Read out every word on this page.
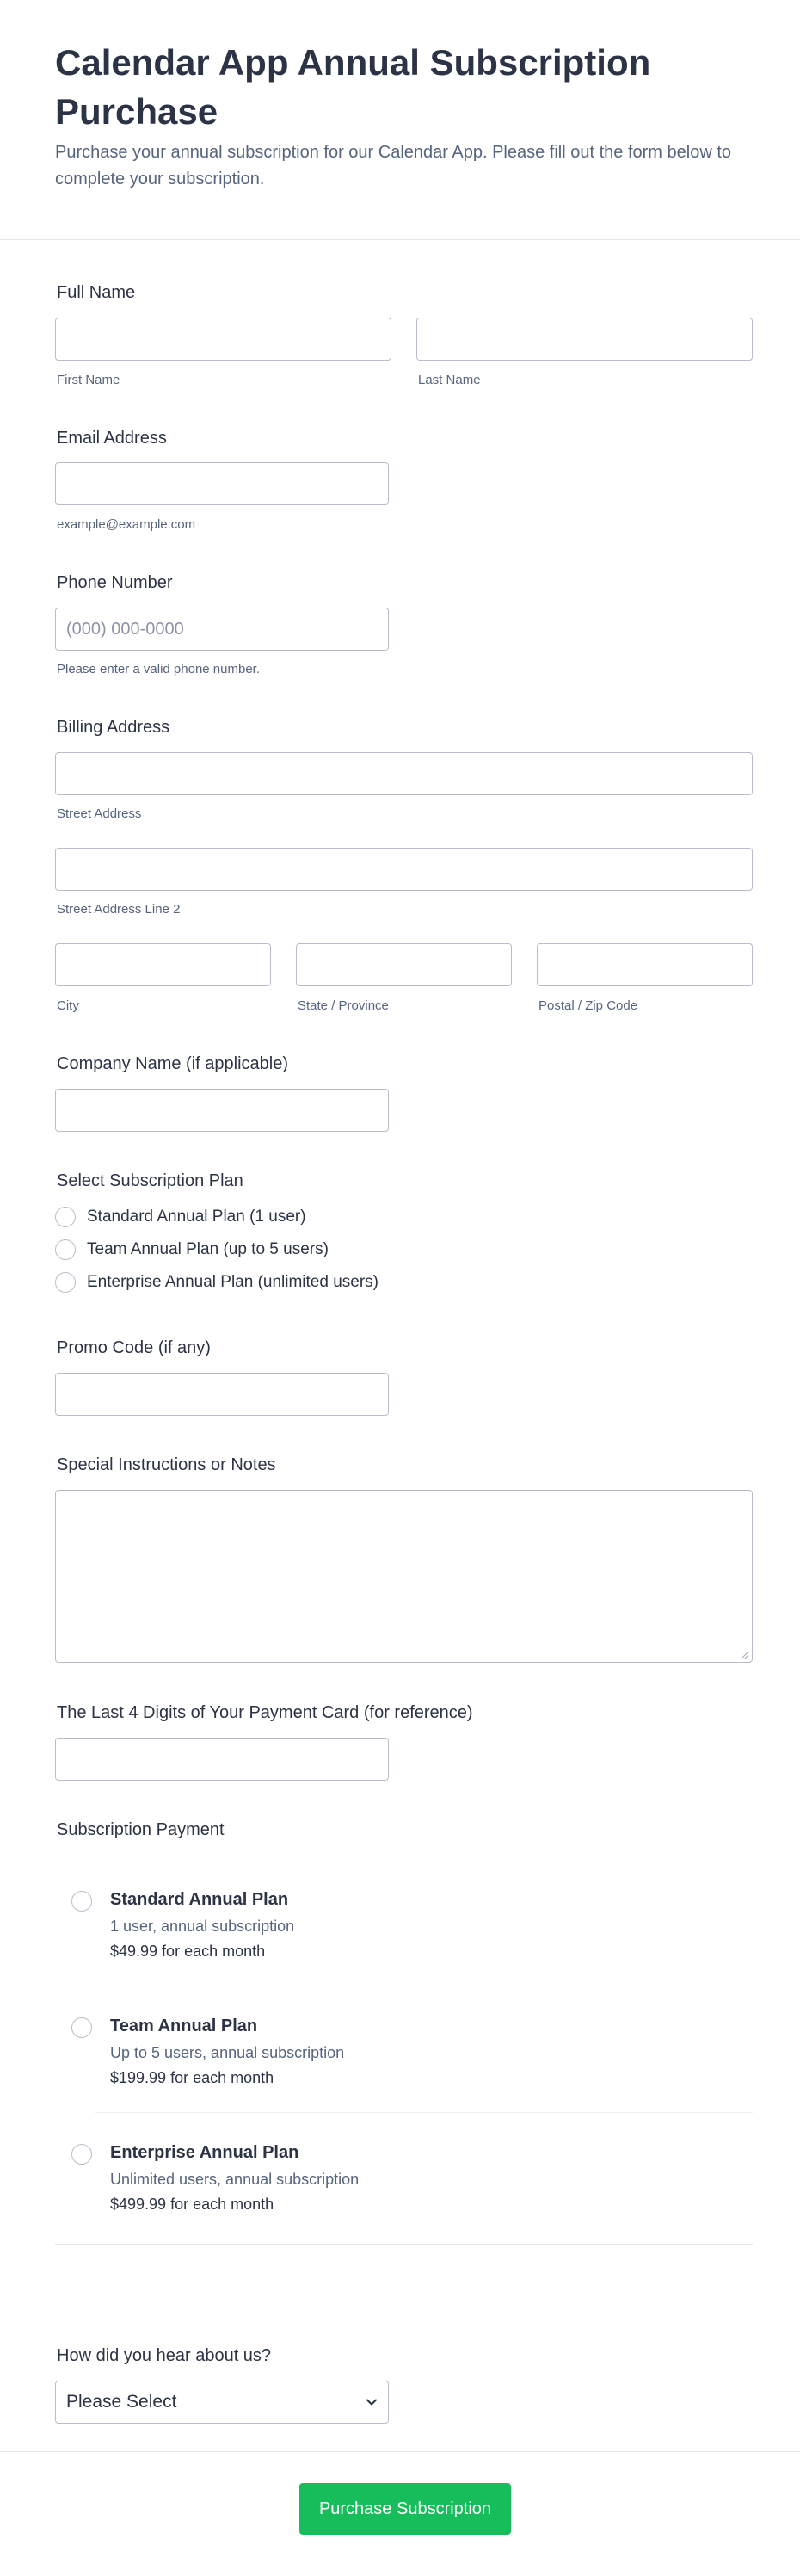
Calendar App Annual Subscription Purchase

Purchase your annual subscription for our Calendar App. Please fill out the form below to complete your subscription.

Full Name
First Name	Last Name
Email Address
example@example.com
Phone Number
(000) 000-0000
Please enter a valid phone number.
Billing Address
Street Address
Street Address Line 2
City	State / Province	Postal / Zip Code
Company Name (if applicable)
Select Subscription Plan
Standard Annual Plan (1 user)
Team Annual Plan (up to 5 users)
Enterprise Annual Plan (unlimited users)
Promo Code (if any)
Special Instructions or Notes
The Last 4 Digits of Your Payment Card (for reference)
Subscription Payment
Standard Annual Plan
1 user, annual subscription
$49.99 for each month
Team Annual Plan
Up to 5 users, annual subscription
$199.99 for each month
Enterprise Annual Plan
Unlimited users, annual subscription
$499.99 for each month
How did you hear about us?
Please Select
Purchase Subscription
